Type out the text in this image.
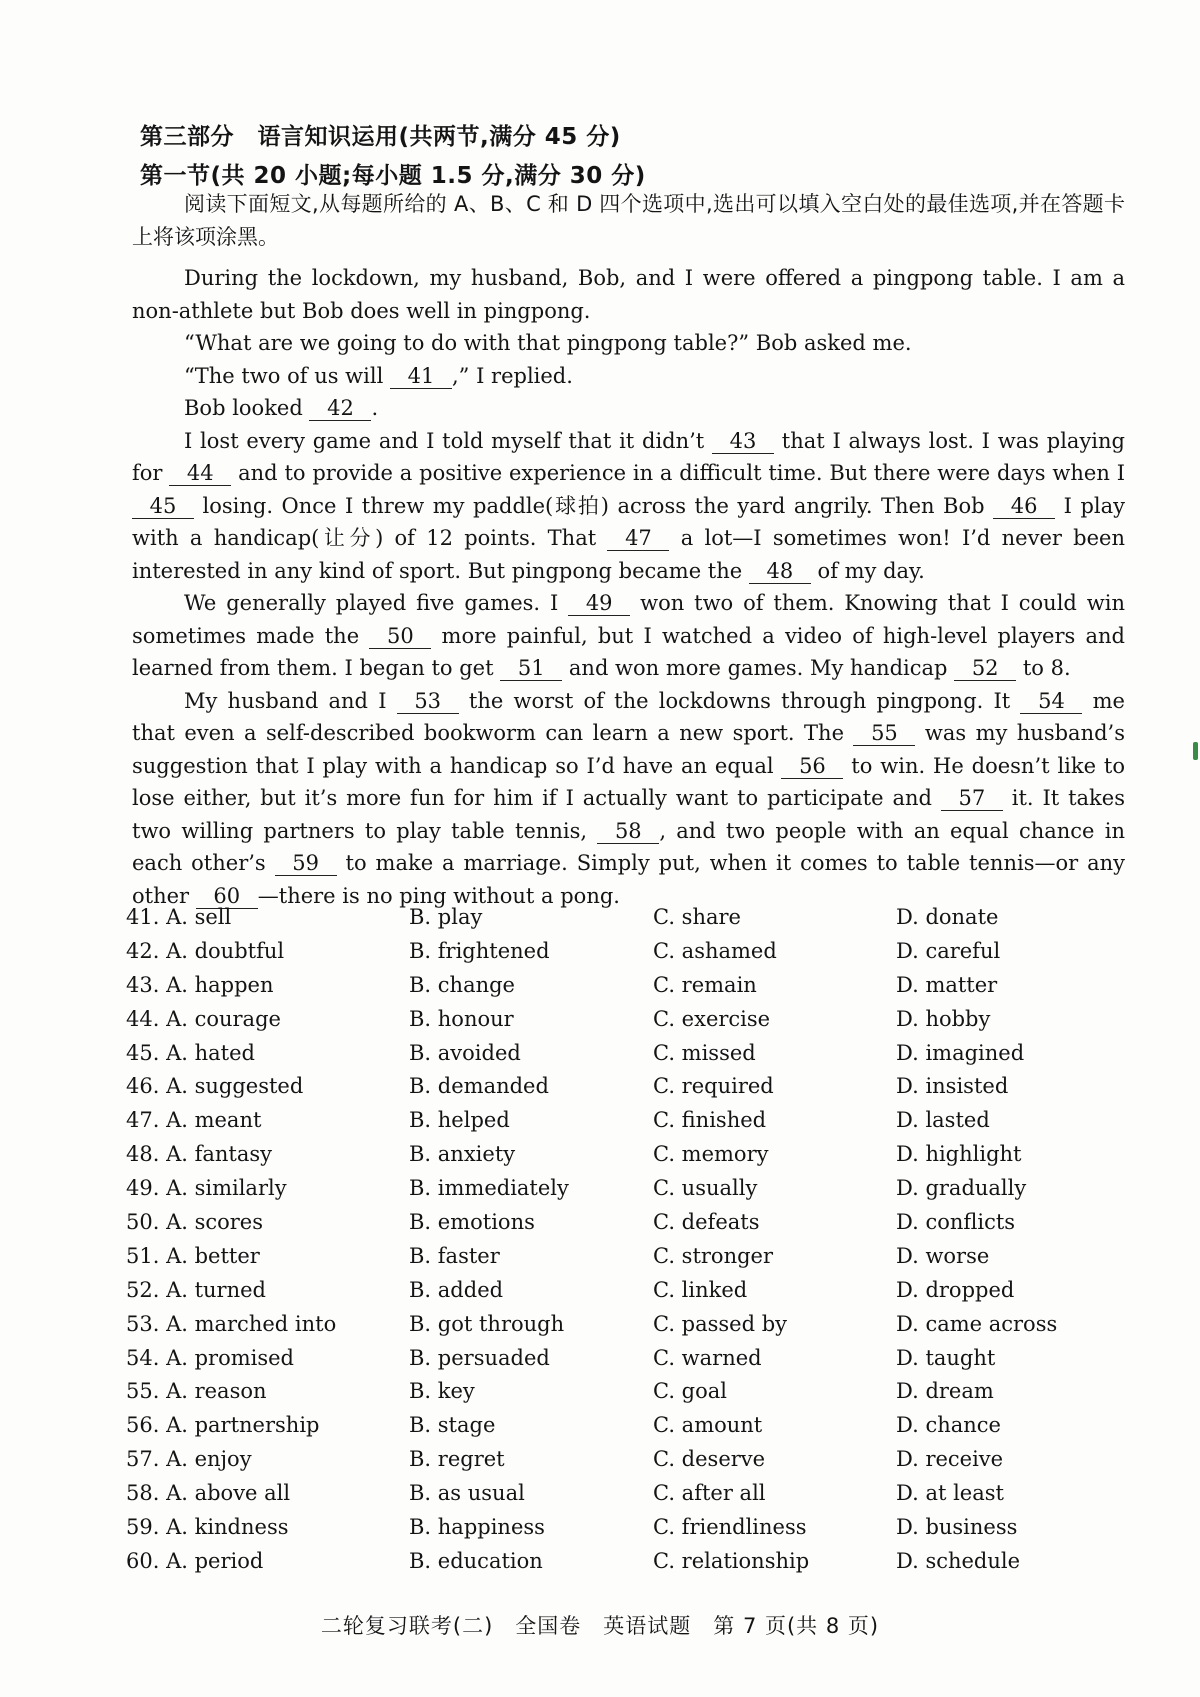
第三部分　语言知识运用(共两节,满分 45 分)
第一节(共 20 小题;每小题 1.5 分,满分 30 分)
阅读下面短文,从每题所给的 A、B、C 和 D 四个选项中,选出可以填入空白处的最佳选项,并在答题卡上将该项涂黑。

During the lockdown, my husband, Bob, and I were offered a pingpong table. I am a non-athlete but Bob does well in pingpong.

“What are we going to do with that pingpong table?” Bob asked me.

“The two of us will 41 ,” I replied.

Bob looked 42 .

I lost every game and I told myself that it didn’t 43 that I always lost. I was playing for 44 and to provide a positive experience in a difficult time. But there were days when I 45 losing. Once I threw my paddle(球拍) across the yard angrily. Then Bob 46 I play with a handicap(让分) of 12 points. That 47 a lot—I sometimes won! I’d never been interested in any kind of sport. But pingpong became the 48 of my day.

We generally played five games. I 49 won two of them. Knowing that I could win sometimes made the 50 more painful, but I watched a video of high-level players and learned from them. I began to get 51 and won more games. My handicap 52 to 8.

My husband and I 53 the worst of the lockdowns through pingpong. It 54 me that even a self-described bookworm can learn a new sport. The 55 was my husband’s suggestion that I play with a handicap so I’d have an equal 56 to win. He doesn’t like to lose either, but it’s more fun for him if I actually want to participate and 57 it. It takes two willing partners to play table tennis, 58 , and two people with an equal chance in each other’s 59 to make a marriage. Simply put, when it comes to table tennis—or any other 60 —there is no ping without a pong.

41. A. sell	B. play	C. share	D. donate
42. A. doubtful	B. frightened	C. ashamed	D. careful
43. A. happen	B. change	C. remain	D. matter
44. A. courage	B. honour	C. exercise	D. hobby
45. A. hated	B. avoided	C. missed	D. imagined
46. A. suggested	B. demanded	C. required	D. insisted
47. A. meant	B. helped	C. finished	D. lasted
48. A. fantasy	B. anxiety	C. memory	D. highlight
49. A. similarly	B. immediately	C. usually	D. gradually
50. A. scores	B. emotions	C. defeats	D. conflicts
51. A. better	B. faster	C. stronger	D. worse
52. A. turned	B. added	C. linked	D. dropped
53. A. marched into	B. got through	C. passed by	D. came across
54. A. promised	B. persuaded	C. warned	D. taught
55. A. reason	B. key	C. goal	D. dream
56. A. partnership	B. stage	C. amount	D. chance
57. A. enjoy	B. regret	C. deserve	D. receive
58. A. above all	B. as usual	C. after all	D. at least
59. A. kindness	B. happiness	C. friendliness	D. business
60. A. period	B. education	C. relationship	D. schedule
二轮复习联考(二)　全国卷　英语试题　第 7 页(共 8 页)
